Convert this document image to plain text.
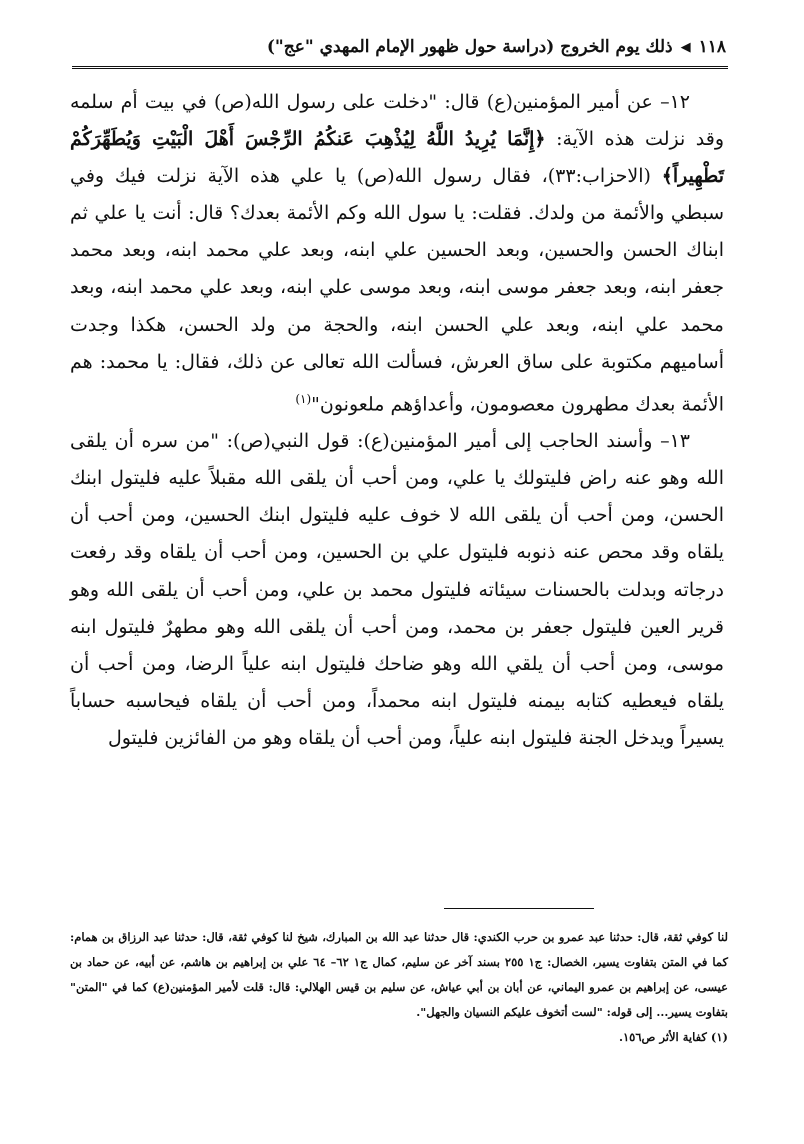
١١٨
◀
ذلك يوم الخروج (دراسة حول ظهور الإمام المهدي "عج")

١٢– عن أمير المؤمنين(ع) قال: "دخلت على رسول الله(ص) في بيت أم سلمه وقد نزلت هذه الآية: ﴿إِنَّمَا يُرِيدُ اللَّهُ لِيُذْهِبَ عَنكُمُ الرِّجْسَ أَهْلَ الْبَيْتِ وَيُطَهِّرَكُمْ تَطْهِيراً﴾ (الاحزاب:٣٣)، فقال رسول الله(ص) يا علي هذه الآية نزلت فيك وفي سبطي والأئمة من ولدك. فقلت: يا سول الله وكم الأئمة بعدك؟ قال: أنت يا علي ثم ابناك الحسن والحسين، وبعد الحسين علي ابنه، وبعد علي محمد ابنه، وبعد محمد جعفر ابنه، وبعد جعفر موسى ابنه، وبعد موسى علي ابنه، وبعد علي محمد ابنه، وبعد محمد علي ابنه، وبعد علي الحسن ابنه، والحجة من ولد الحسن، هكذا وجدت أساميهم مكتوبة على ساق العرش، فسألت الله تعالى عن ذلك، فقال: يا محمد: هم الأئمة بعدك مطهرون معصومون، وأعداؤهم ملعونون"$^{(١)}$

١٣– وأسند الحاجب إلى أمير المؤمنين(ع): قول النبي(ص): "من سره أن يلقى الله وهو عنه راض فليتولك يا علي، ومن أحب أن يلقى الله مقبلاً عليه فليتول ابنك الحسن، ومن أحب أن يلقى الله لا خوف عليه فليتول ابنك الحسين، ومن أحب أن يلقاه وقد محص عنه ذنوبه فليتول علي بن الحسين، ومن أحب أن يلقاه وقد رفعت درجاته وبدلت بالحسنات سيئاته فليتول محمد بن علي، ومن أحب أن يلقى الله وهو قرير العين فليتول جعفر بن محمد، ومن أحب أن يلقى الله وهو مطهرٌ فليتول ابنه موسى، ومن أحب أن يلقي الله وهو ضاحك فليتول ابنه علياً الرضا، ومن أحب أن يلقاه فيعطيه كتابه بيمنه فليتول ابنه محمداً، ومن أحب أن يلقاه فيحاسبه حساباً يسيراً ويدخل الجنة فليتول ابنه علياً، ومن أحب أن يلقاه وهو من الفائزين فليتول

لنا كوفي ثقة، قال: حدثنا عبد عمرو بن حرب الكندي: قال حدثنا عبد الله بن المبارك، شيخ لنا كوفي ثقة، قال: حدثنا عبد الرزاق بن همام: كما في المتن بتفاوت يسير، الخصال: ج١ ٢٥٥ بسند آخر عن سليم، كمال ج١ ٦٢– ٦٤ علي بن إبراهيم بن هاشم، عن أبيه، عن حماد بن عيسى، عن إبراهيم بن عمرو اليماني، عن أبان بن أبي عياش، عن سليم بن قيس الهلالي: قال: قلت لأمير المؤمنين(ع) كما في "المتن" بتفاوت يسير... إلى قوله: "لست أتخوف عليكم النسيان والجهل".

(١) كفاية الأثر ص١٥٦.
